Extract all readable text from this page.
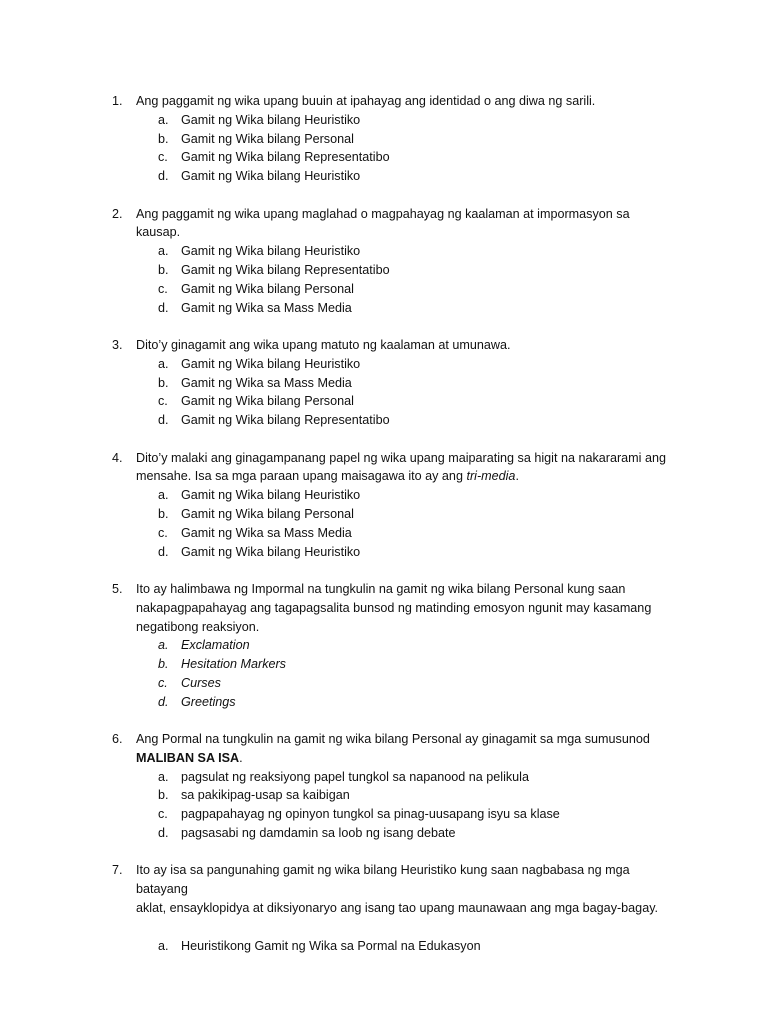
1.	Ang paggamit ng wika upang buuin at ipahayag ang identidad o ang diwa ng sarili.
a. Gamit ng Wika bilang Heuristiko
b. Gamit ng Wika bilang Personal
c.	Gamit ng Wika bilang Representatibo
d. Gamit ng Wika bilang Heuristiko
2.	Ang paggamit ng wika upang maglahad o magpahayag ng kaalaman at impormasyon sa kausap.
a. Gamit ng Wika bilang Heuristiko
b. Gamit ng Wika bilang Representatibo
c.	Gamit ng Wika bilang Personal
d. Gamit ng Wika sa Mass Media
3.	Dito’y ginagamit ang wika upang matuto ng kaalaman at umunawa.
a. Gamit ng Wika bilang Heuristiko
b. Gamit ng Wika sa Mass Media
c.	Gamit ng Wika bilang Personal
d. Gamit ng Wika bilang Representatibo
4.	Dito’y malaki ang ginagampanang papel ng wika upang maiparating sa higit na nakararami ang
mensahe. Isa sa mga paraan upang maisagawa ito ay ang tri-media.
a. Gamit ng Wika bilang Heuristiko
b. Gamit ng Wika bilang Personal
c.	Gamit ng Wika sa Mass Media
d. Gamit ng Wika bilang Heuristiko
5.	Ito ay halimbawa ng Impormal na tungkulin na gamit ng wika bilang Personal kung saan
nakapagpapahayag ang tagapagsalita bunsod ng matinding emosyon ngunit may kasamang
negatibong reaksiyon.
a. Exclamation
b. Hesitation Markers
c.	Curses
d. Greetings
6.	Ang Pormal na tungkulin na gamit ng wika bilang Personal ay ginagamit sa mga sumusunod
MALIBAN SA ISA.
a. pagsulat ng reaksiyong papel tungkol sa napanood na pelikula
b. sa pakikipag-usap sa kaibigan
c.	pagpapahayag ng opinyon tungkol sa pinag-uusapang isyu sa klase
d. pagsasabi ng damdamin sa loob ng isang debate
7.	Ito ay isa sa pangunahing gamit ng wika bilang Heuristiko kung saan nagbabasa ng mga batayang
aklat, ensayklopidya at diksiyonaryo ang isang tao upang maunawaan ang mga bagay-bagay.
a. Heuristikong Gamit ng Wika sa Pormal na Edukasyon
